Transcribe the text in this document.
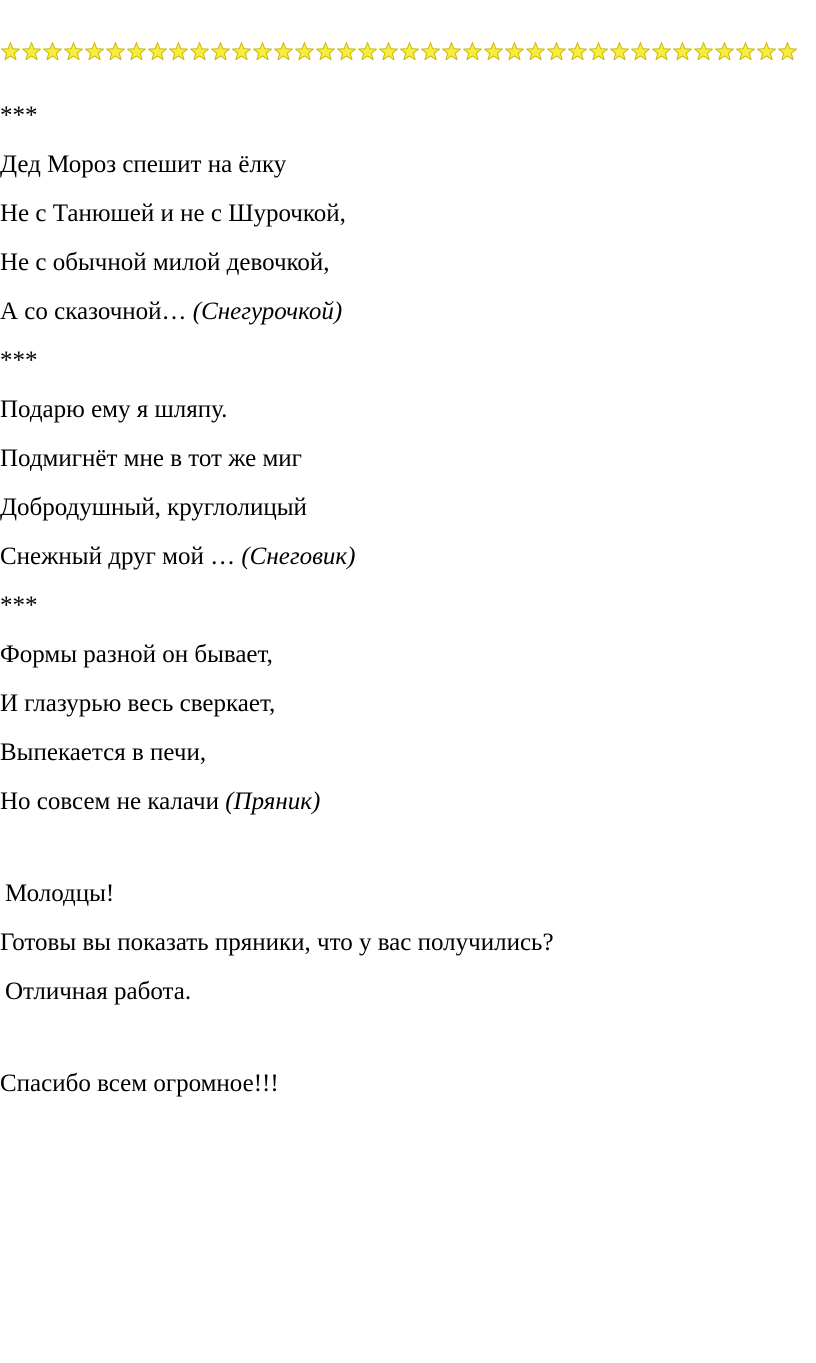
***
Дед Мороз спешит на ёлку
Не с Танюшей и не с Шурочкой,
Не с обычной милой девочкой,
А со сказочной… (Снегурочкой)
***
Подарю ему я шляпу.
Подмигнёт мне в тот же миг
Добродушный, круглолицый
Снежный друг мой … (Снеговик)
***
Формы разной он бывает,
И глазурью весь сверкает,
Выпекается в печи,
Но совсем не калачи (Пряник)
Молодцы!
Готовы вы показать пряники, что у вас получились?
Отличная работа.
Спасибо всем огромное!!!
